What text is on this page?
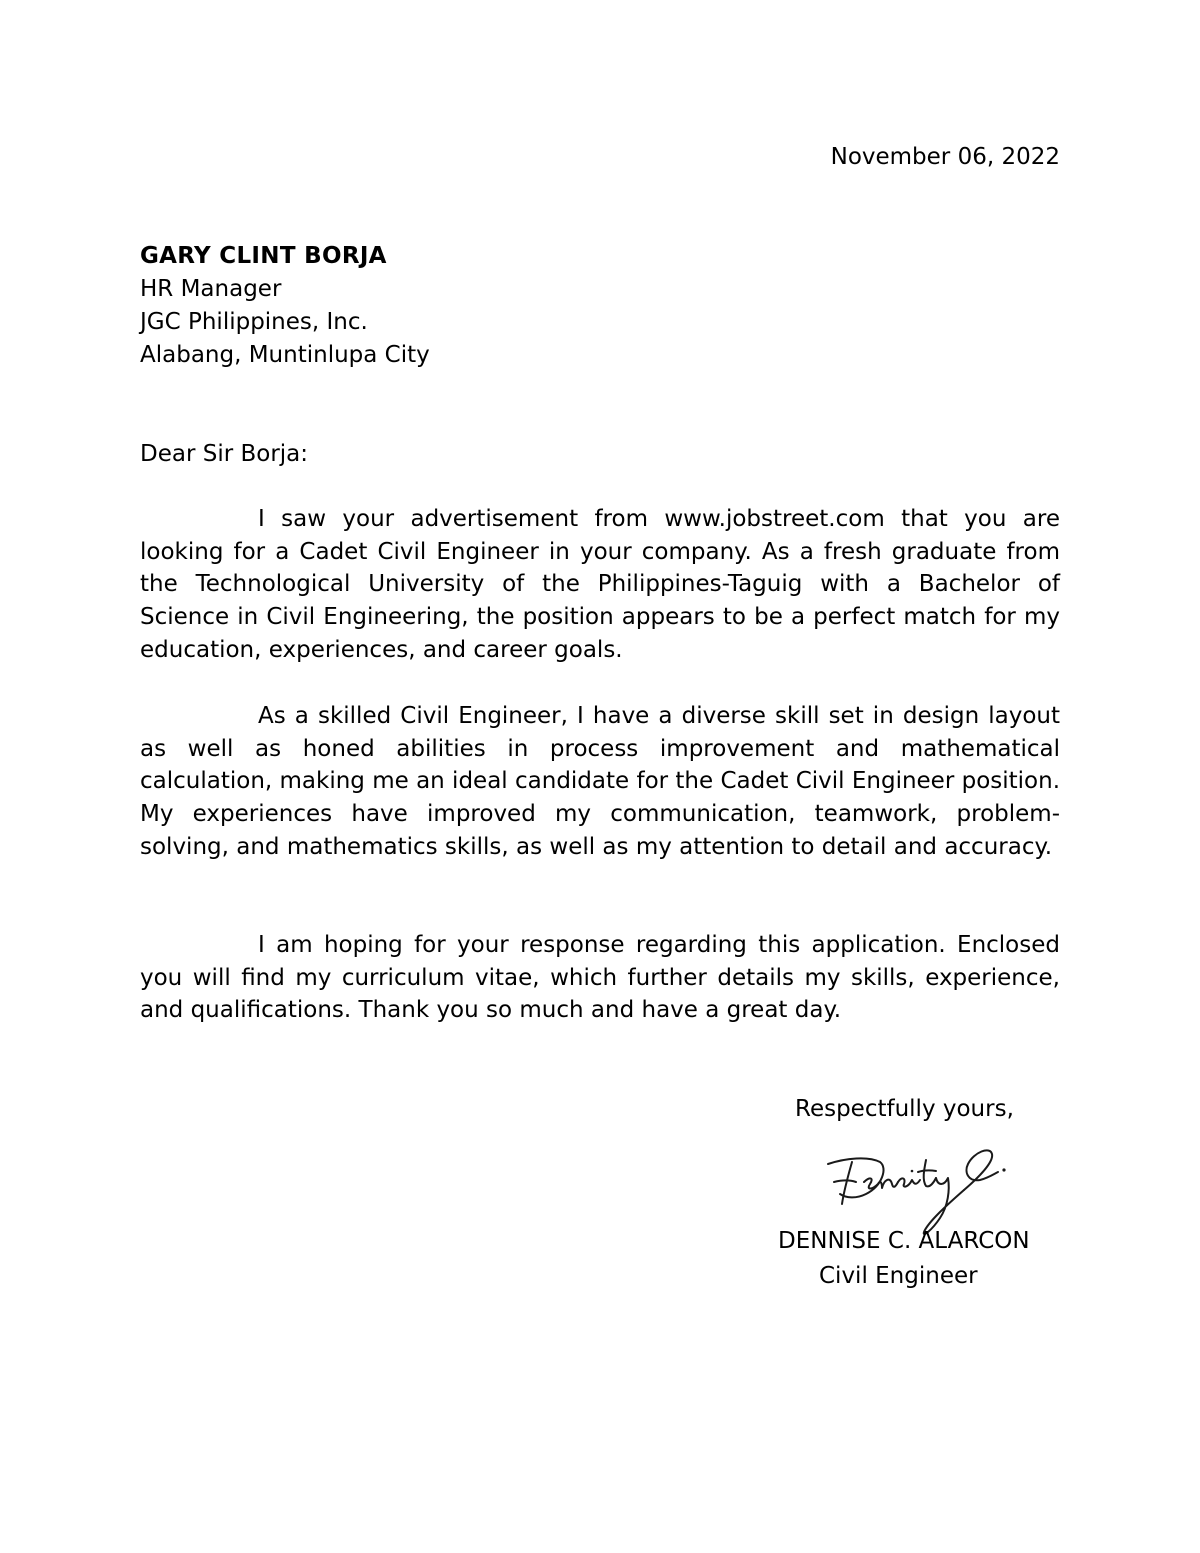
November 06, 2022
GARY CLINT BORJA
HR Manager
JGC Philippines, Inc.
Alabang, Muntinlupa City
Dear Sir Borja:

I saw your advertisement from www.jobstreet.com that you are looking for a Cadet Civil Engineer in your company. As a fresh graduate from the Technological University of the Philippines-Taguig with a Bachelor of Science in Civil Engineering, the position appears to be a perfect match for my education, experiences, and career goals.

As a skilled Civil Engineer, I have a diverse skill set in design layout as well as honed abilities in process improvement and mathematical calculation, making me an ideal candidate for the Cadet Civil Engineer position. My experiences have improved my communication, teamwork, problem-solving, and mathematics skills, as well as my attention to detail and accuracy.

I am hoping for your response regarding this application. Enclosed you will find my curriculum vitae, which further details my skills, experience, and qualifications. Thank you so much and have a great day.

Respectfully yours,
DENNISE C. ALARCON
Civil Engineer
